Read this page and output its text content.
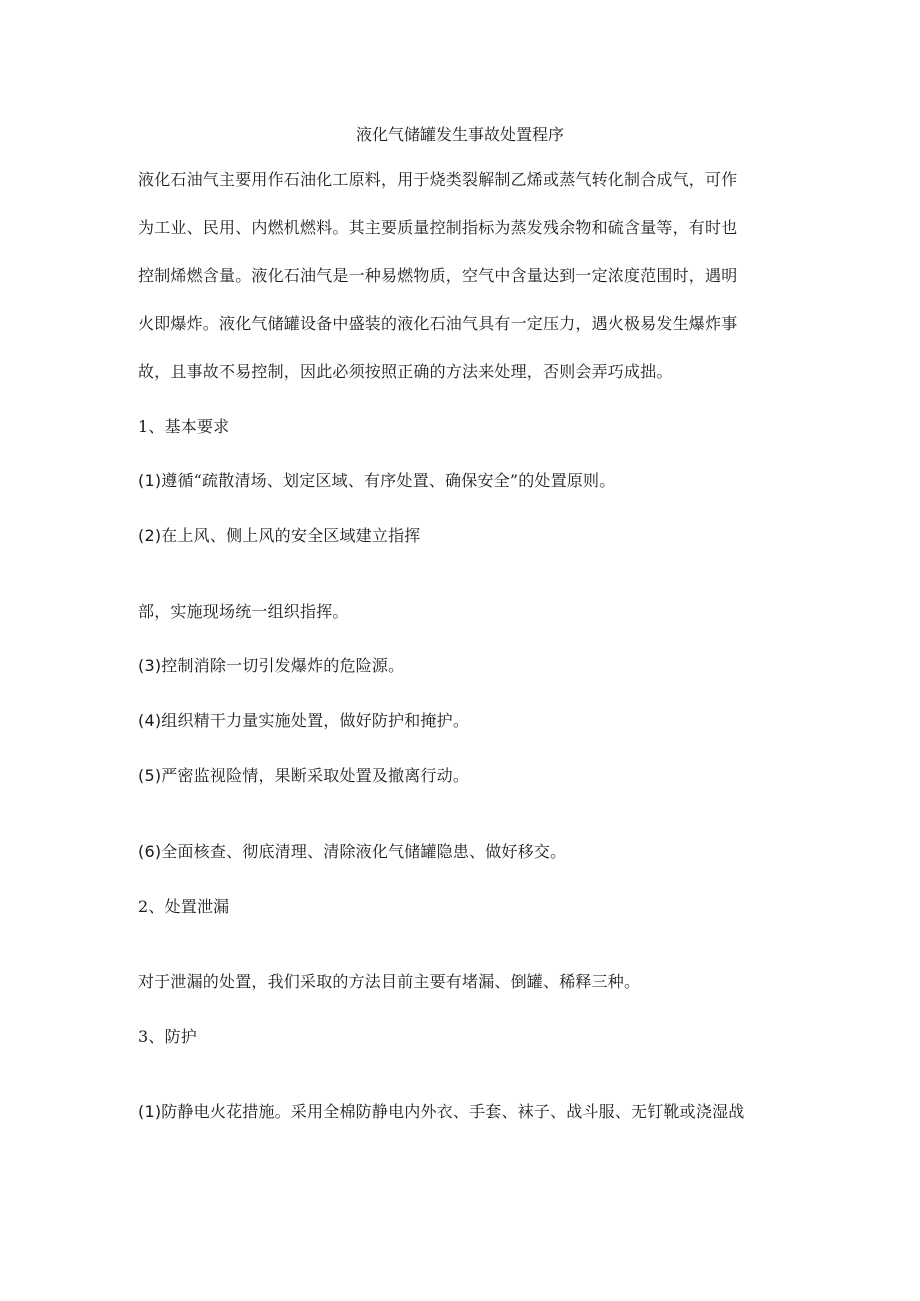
液化气储罐发生事故处置程序
液化石油气主要用作石油化工原料，用于烧类裂解制乙烯或蒸气转化制合成气，可作
为工业、民用、内燃机燃料。其主要质量控制指标为蒸发残余物和硫含量等，有时也
控制烯燃含量。液化石油气是一种易燃物质，空气中含量达到一定浓度范围时，遇明
火即爆炸。液化气储罐设备中盛装的液化石油气具有一定压力，遇火极易发生爆炸事
故，且事故不易控制，因此必须按照正确的方法来处理，否则会弄巧成拙。
1、基本要求
(1)遵循“疏散清场、划定区域、有序处置、确保安全”的处置原则。
(2)在上风、侧上风的安全区域建立指挥
部，实施现场统一组织指挥。
(3)控制消除一切引发爆炸的危险源。
(4)组织精干力量实施处置，做好防护和掩护。
(5)严密监视险情，果断采取处置及撤离行动。
(6)全面核查、彻底清理、清除液化气储罐隐患、做好移交。
2、处置泄漏
对于泄漏的处置，我们采取的方法目前主要有堵漏、倒罐、稀释三种。
3、防护
(1)防静电火花措施。采用全棉防静电内外衣、手套、袜子、战斗服、无钉靴或浇湿战
